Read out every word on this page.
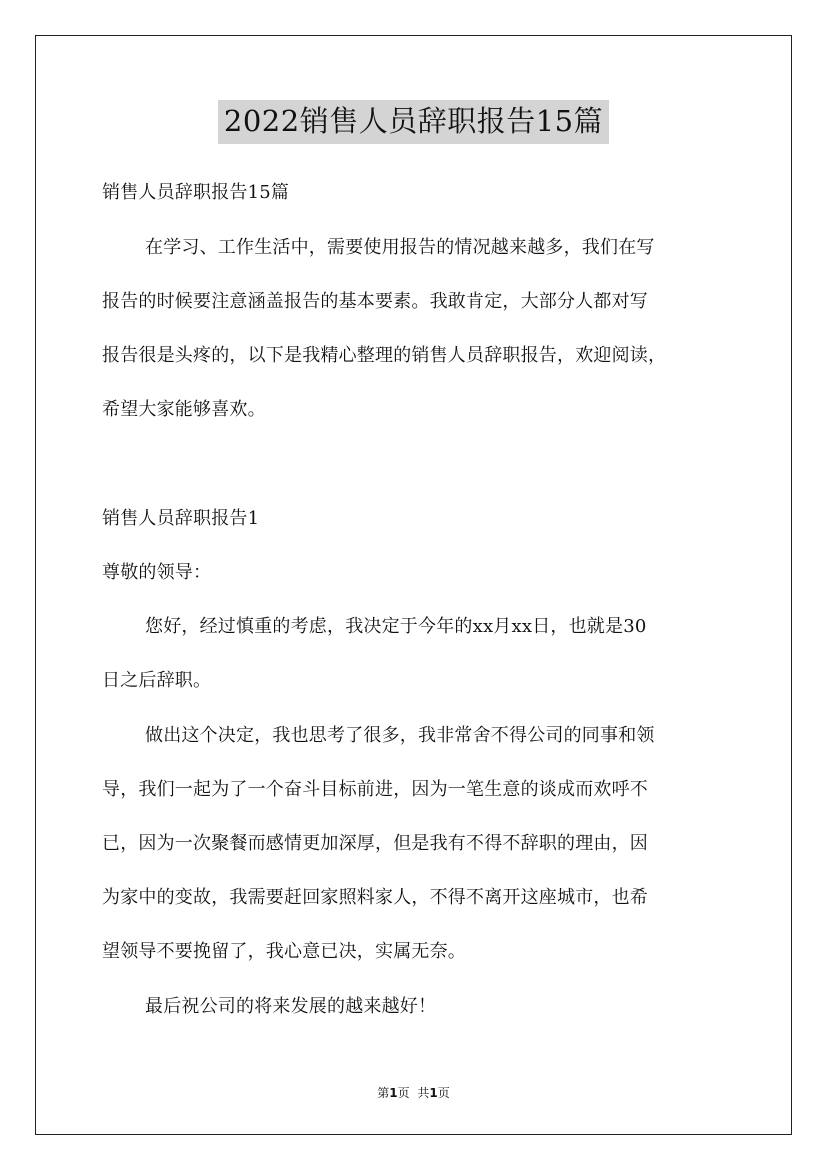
2022销售人员辞职报告15篇
销售人员辞职报告15篇
在学习、工作生活中，需要使用报告的情况越来越多，我们在写
报告的时候要注意涵盖报告的基本要素。我敢肯定，大部分人都对写
报告很是头疼的，以下是我精心整理的销售人员辞职报告，欢迎阅读，
希望大家能够喜欢。
销售人员辞职报告1
尊敬的领导：
您好，经过慎重的考虑，我决定于今年的xx月xx日，也就是30
日之后辞职。
做出这个决定，我也思考了很多，我非常舍不得公司的同事和领
导，我们一起为了一个奋斗目标前进，因为一笔生意的谈成而欢呼不
已，因为一次聚餐而感情更加深厚，但是我有不得不辞职的理由，因
为家中的变故，我需要赶回家照料家人，不得不离开这座城市，也希
望领导不要挽留了，我心意已决，实属无奈。
最后祝公司的将来发展的越来越好！
第1页 共1页
